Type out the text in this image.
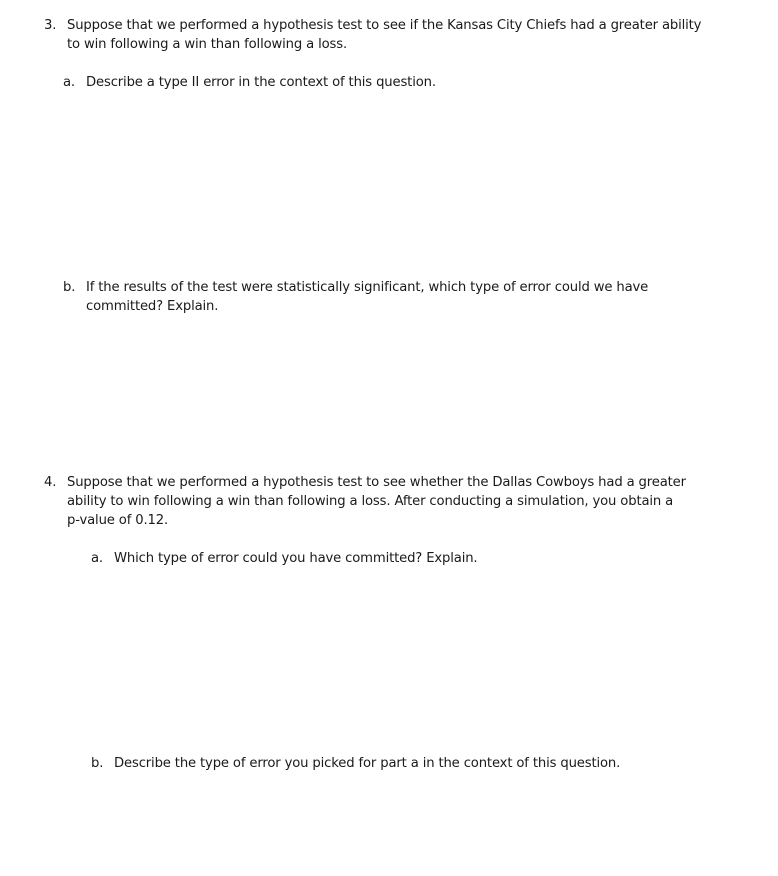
3. Suppose that we performed a hypothesis test to see if the Kansas City Chiefs had a greater ability
to win following a win than following a loss.
a. Describe a type II error in the context of this question.
b. If the results of the test were statistically significant, which type of error could we have
committed? Explain.
4. Suppose that we performed a hypothesis test to see whether the Dallas Cowboys had a greater
ability to win following a win than following a loss. After conducting a simulation, you obtain a
p-value of 0.12.
a. Which type of error could you have committed? Explain.
b. Describe the type of error you picked for part a in the context of this question.
